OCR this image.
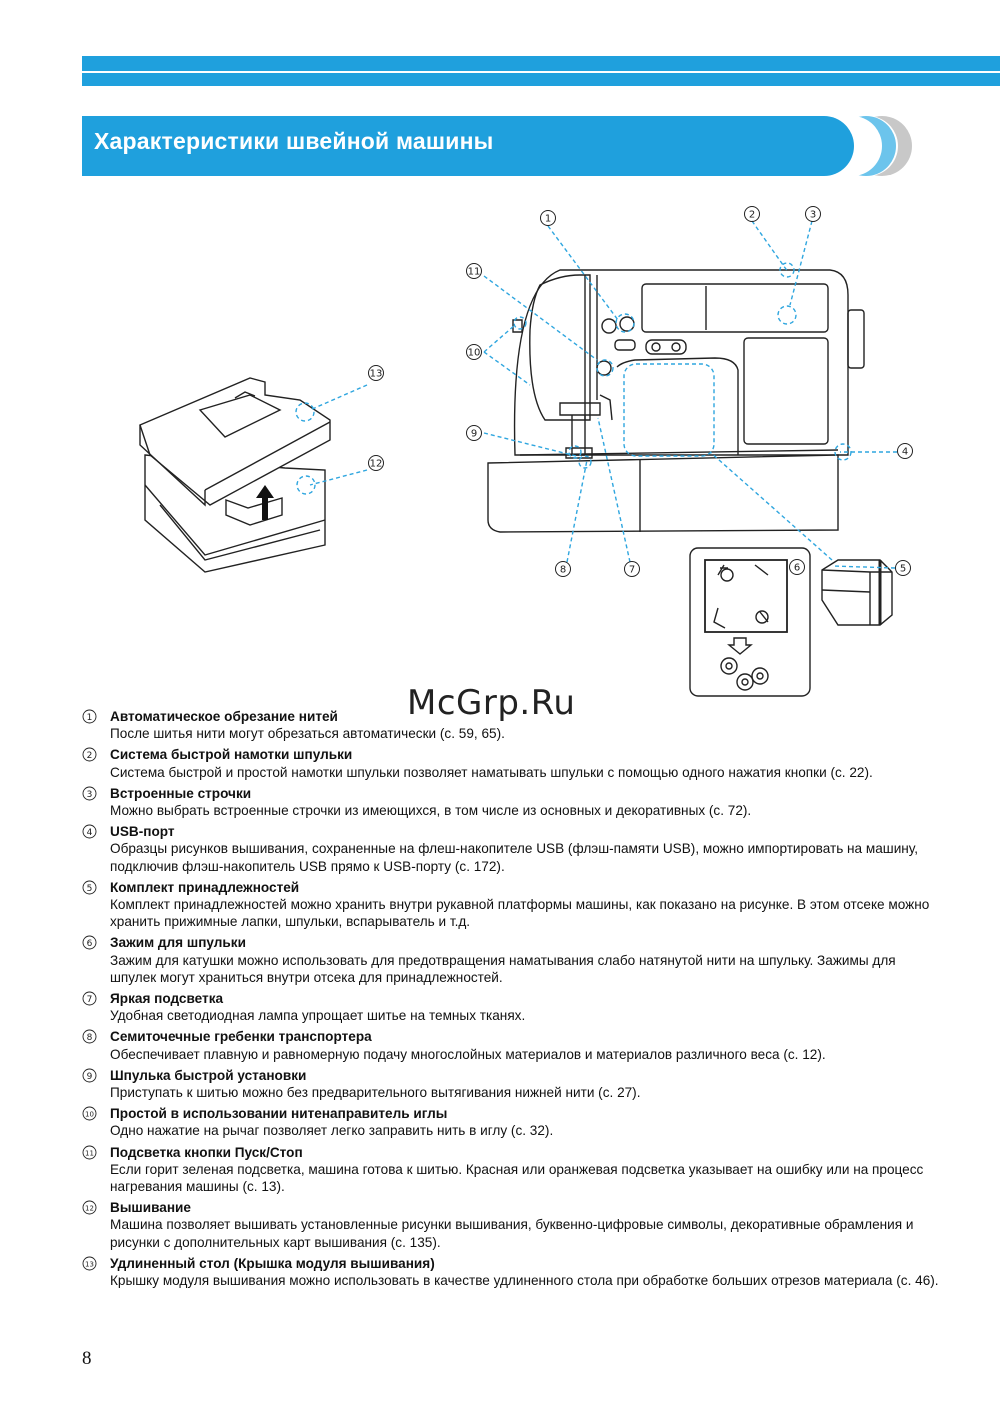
Характеристики швейной машины
1	2	3
4
5
6
7
8
9
10
11
12
13
McGrp.Ru
1 Автоматическое обрезание нитей
После шитья нити могут обрезаться автоматически (с. 59, 65).
2 Система быстрой намотки шпульки
Система быстрой и простой намотки шпульки позволяет наматывать шпульки с помощью одного нажатия кнопки (с. 22).
3 Встроенные строчки
Можно выбрать встроенные строчки из имеющихся, в том числе из основных и декоративных (с. 72).
4 USB-порт
Образцы рисунков вышивания, сохраненные на флеш-накопителе USB (флэш-памяти USB), можно импортировать на машину, подключив флэш-накопитель USB прямо к USB-порту (с. 172).
5 Комплект принадлежностей
Комплект принадлежностей можно хранить внутри рукавной платформы машины, как показано на рисунке. В этом отсеке можно хранить прижимные лапки, шпульки, вспарыватель и т.д.
6 Зажим для шпульки
Зажим для катушки можно использовать для предотвращения наматывания слабо натянутой нити на шпульку. Зажимы для шпулек могут храниться внутри отсека для принадлежностей.
7 Яркая подсветка
Удобная светодиодная лампа упрощает шитье на темных тканях.
8 Семиточечные гребенки транспортера
Обеспечивает плавную и равномерную подачу многослойных материалов и материалов различного веса (с. 12).
9 Шпулька быстрой установки
Приступать к шитью можно без предварительного вытягивания нижней нити (с. 27).
10 Простой в использовании нитенаправитель иглы
Одно нажатие на рычаг позволяет легко заправить нить в иглу (с. 32).
11 Подсветка кнопки Пуск/Стоп
Если горит зеленая подсветка, машина готова к шитью. Красная или оранжевая подсветка указывает на ошибку или на процесс нагревания машины (с. 13).
12 Вышивание
Машина позволяет вышивать установленные рисунки вышивания, буквенно-цифровые символы, декоративные обрамления и рисунки с дополнительных карт вышивания (с. 135).
13 Удлиненный стол (Крышка модуля вышивания)
Крышку модуля вышивания можно использовать в качестве удлиненного стола при обработке больших отрезов материала (с. 46).
8
